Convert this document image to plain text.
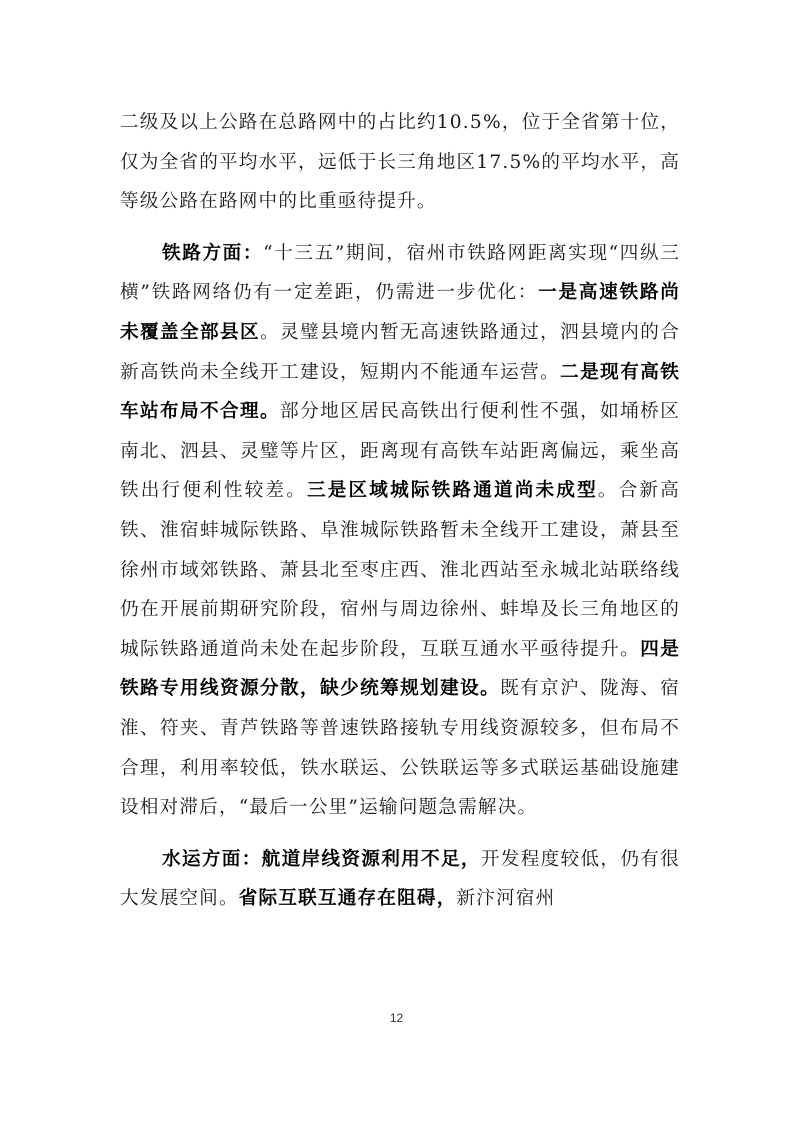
二级及以上公路在总路网中的占比约10.5%，位于全省第十位，仅为全省的平均水平，远低于长三角地区17.5%的平均水平，高等级公路在路网中的比重亟待提升。

铁路方面：“十三五”期间，宿州市铁路网距离实现“四纵三横”铁路网络仍有一定差距，仍需进一步优化：一是高速铁路尚未覆盖全部县区。灵璧县境内暂无高速铁路通过，泗县境内的合新高铁尚未全线开工建设，短期内不能通车运营。二是现有高铁车站布局不合理。部分地区居民高铁出行便利性不强，如埇桥区南北、泗县、灵璧等片区，距离现有高铁车站距离偏远，乘坐高铁出行便利性较差。三是区域城际铁路通道尚未成型。合新高铁、淮宿蚌城际铁路、阜淮城际铁路暂未全线开工建设，萧县至徐州市域郊铁路、萧县北至枣庄西、淮北西站至永城北站联络线仍在开展前期研究阶段，宿州与周边徐州、蚌埠及长三角地区的城际铁路通道尚未处在起步阶段，互联互通水平亟待提升。四是铁路专用线资源分散，缺少统筹规划建设。既有京沪、陇海、宿淮、符夹、青芦铁路等普速铁路接轨专用线资源较多，但布局不合理，利用率较低，铁水联运、公铁联运等多式联运基础设施建设相对滞后，“最后一公里”运输问题急需解决。

水运方面：航道岸线资源利用不足，开发程度较低，仍有很大发展空间。省际互联互通存在阻碍，新汴河宿州

12
